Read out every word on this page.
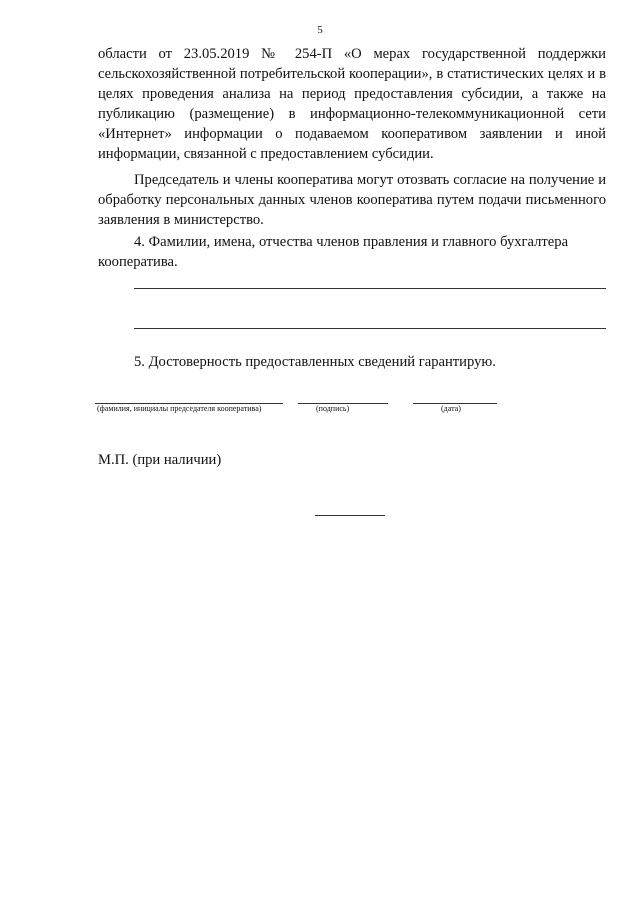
5

области от 23.05.2019 № 254-П «О мерах государственной поддержки сельскохозяйственной потребительской кооперации», в статистических целях и в целях проведения анализа на период предоставления субсидии, а также на публикацию (размещение) в информационно-телекоммуникационной сети «Интернет» информации о подаваемом кооперативом заявлении и иной информации, связанной с предоставлением субсидии.

Председатель и члены кооператива могут отозвать согласие на получение и обработку персональных данных членов кооператива путем подачи письменного заявления в министерство.

4. Фамилии, имена, отчества членов правления и главного бухгалтера кооператива.

5. Достоверность предоставленных сведений гарантирую.

(фамилия, инициалы председателя кооператива)	(подпись)	(дата)
М.П. (при наличии)
